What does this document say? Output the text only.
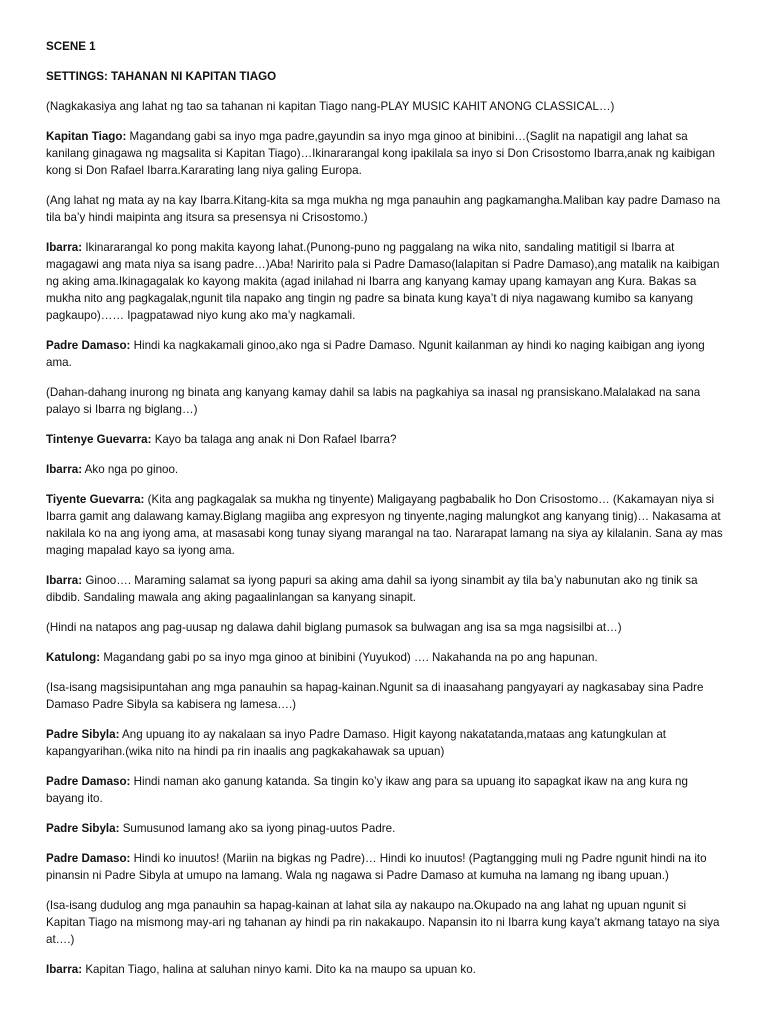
SCENE 1
SETTINGS: TAHANAN NI KAPITAN TIAGO

(Nagkakasiya ang lahat ng tao sa tahanan ni kapitan Tiago nang-PLAY MUSIC KAHIT ANONG CLASSICAL…)

Kapitan Tiago: Magandang gabi sa inyo mga padre,gayundin sa inyo mga ginoo at binibini…(Saglit na napatigil ang lahat sa kanilang ginagawa ng magsalita si Kapitan Tiago)…Ikinararangal kong ipakilala sa inyo si Don Crisostomo Ibarra,anak ng kaibigan kong si Don Rafael Ibarra.Kararating lang niya galing Europa.

(Ang lahat ng mata ay na kay Ibarra.Kitang-kita sa mga mukha ng mga panauhin ang pagkamangha.Maliban kay padre Damaso na tila ba’y hindi maipinta ang itsura sa presensya ni Crisostomo.)

Ibarra: Ikinararangal ko pong makita kayong lahat.(Punong-puno ng paggalang na wika nito, sandaling matitigil si Ibarra at magagawi ang mata niya sa isang padre…)Aba! Naririto pala si Padre Damaso(lalapitan si Padre Damaso),ang matalik na kaibigan ng aking ama.Ikinagagalak ko kayong makita (agad inilahad ni Ibarra ang kanyang kamay upang kamayan ang Kura. Bakas sa mukha nito ang pagkagalak,ngunit tila napako ang tingin ng padre sa binata kung kaya’t di niya nagawang kumibo sa kanyang pagkaupo)…… Ipagpatawad niyo kung ako ma’y nagkamali.

Padre Damaso: Hindi ka nagkakamali ginoo,ako nga si Padre Damaso. Ngunit kailanman ay hindi ko naging kaibigan ang iyong ama.

(Dahan-dahang inurong ng binata ang kanyang kamay dahil sa labis na pagkahiya sa inasal ng pransiskano.Malalakad na sana palayo si Ibarra ng biglang…)

Tintenye Guevarra: Kayo ba talaga ang anak ni Don Rafael Ibarra?

Ibarra: Ako nga po ginoo.

Tiyente Guevarra: (Kita ang pagkagalak sa mukha ng tinyente) Maligayang pagbabalik ho Don Crisostomo… (Kakamayan niya si Ibarra gamit ang dalawang kamay.Biglang magiiba ang expresyon ng tinyente,naging malungkot ang kanyang tinig)… Nakasama at nakilala ko na ang iyong ama, at masasabi kong tunay siyang marangal na tao. Nararapat lamang na siya ay kilalanin. Sana ay mas maging mapalad kayo sa iyong ama.

Ibarra: Ginoo…. Maraming salamat sa iyong papuri sa aking ama dahil sa iyong sinambit ay tila ba’y nabunutan ako ng tinik sa dibdib. Sandaling mawala ang aking pagaalinlangan sa kanyang sinapit.

(Hindi na natapos ang pag-uusap ng dalawa dahil biglang pumasok sa bulwagan ang isa sa mga nagsisilbi at…)

Katulong: Magandang gabi po sa inyo mga ginoo at binibini (Yuyukod) …. Nakahanda na po ang hapunan.

(Isa-isang magsisipuntahan ang mga panauhin sa hapag-kainan.Ngunit sa di inaasahang pangyayari ay nagkasabay sina Padre Damaso Padre Sibyla sa kabisera ng lamesa….)

Padre Sibyla: Ang upuang ito ay nakalaan sa inyo Padre Damaso. Higit kayong nakatatanda,mataas ang katungkulan at kapangyarihan.(wika nito na hindi pa rin inaalis ang pagkakahawak sa upuan)

Padre Damaso: Hindi naman ako ganung katanda. Sa tingin ko’y ikaw ang para sa upuang ito sapagkat ikaw na ang kura ng bayang ito.

Padre Sibyla: Sumusunod lamang ako sa iyong pinag-uutos Padre.

Padre Damaso: Hindi ko inuutos! (Mariin na bigkas ng Padre)… Hindi ko inuutos! (Pagtangging muli ng Padre ngunit hindi na ito pinansin ni Padre Sibyla at umupo na lamang. Wala ng nagawa si Padre Damaso at kumuha na lamang ng ibang upuan.)

(Isa-isang dudulog ang mga panauhin sa hapag-kainan at lahat sila ay nakaupo na.Okupado na ang lahat ng upuan ngunit si Kapitan Tiago na mismong may-ari ng tahanan ay hindi pa rin nakakaupo. Napansin ito ni Ibarra kung kaya’t akmang tatayo na siya at….)

Ibarra: Kapitan Tiago, halina at saluhan ninyo kami. Dito ka na maupo sa upuan ko.
